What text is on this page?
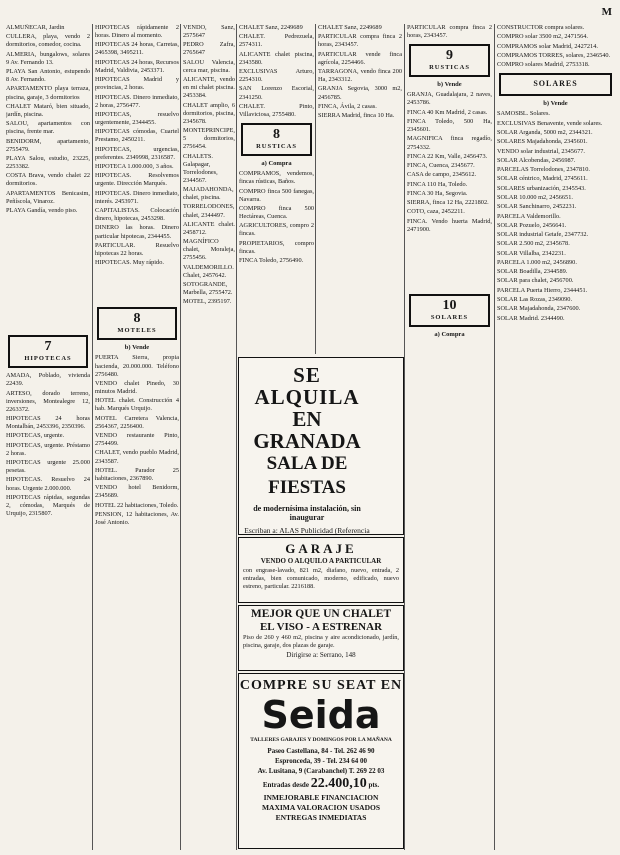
M

ALMUÑECAR, Jardin

CULLERA, playa, vendo 2 dormitorios, comedor, cocina.

ALMERIA, bungalows, solares 9 Av. Fernando 13.

PLAYA San Antonio, estupendo 8 Av. Fernando.

APARTAMENTO playa terraza, piscina, garaje, 3 dormitorios

CHALET Mataró, bien situado, jardín, piscina.

SALOU, apartamentos con piscina, frente mar.

BENIDORM, apartamento, 2755479.

PLAYA Salou, estudio, 23225, 2253382.

COSTA Brava, vendo chalet 22 dormitorios.

APARTAMENTOS Benicasim, Peñíscola, Vinaroz.

PLAYA Gandía, vendo piso.

7
HIPOTECAS

AMADA, Poblado, vivienda 22439.

ARTESO, dorado terreno, inversiones, Montealegre 12, 2263372.

HIPOTECAS 24 horas Montalbán, 2453396, 2350396.

HIPOTECAS, urgente.

HIPOTECAS, urgente. Préstamo 2 horas.

HIPOTECAS urgente 25.000 pesetas.

HIPOTECAS. Resuelvo 24 horas. Urgente 2.000.000.

HIPOTECAS rápidas, segundas 2, cómodas, Marqués de Urquijo, 2315807.

HIPOTECAS rápidamente 2 horas. Dinero al momento.

HIPOTECAS 24 horas, Carretas, 2465398, 3495211.

HIPOTECAS 24 horas, Recursos Madrid, Valdivia, 2453371.

HIPOTECAS Madrid y provincias, 2 horas.

HIPOTECAS. Dinero inmediato, 2 horas, 2756477.

HIPOTECAS, resuelvo urgentemente, 2344455.

HIPOTECAS cómodas, Cuartel Prestamo, 2450211.

HIPOTECAS, urgencias, preferentes. 2349998, 2316587.

HIPOTECA 1.000.000, 3 años.

HIPOTECAS. Resolvemos urgente. Dirección Marqués.

HIPOTECAS. Dinero inmediato, interés. 2453971.

CAPITALISTAS. Colocación dinero, hipotecas, 2453298.

DINERO las horas. Dinero particular hipotecas, 2344455.

PARTICULAR. Resuelvo hipotecas 22 horas.

HIPOTECAS. Muy rápido.

8
MOTELES
b) Vende

PUERTA Sierra, propia hacienda, 20.000.000. Teléfono 2756480.

VENDO chalet Pinedo, 30 minutos Madrid.

HOTEL chalet. Construcción 4 hab. Marqués Urquijo.

MOTEL Carretera Valencia, 2564367, 2256400.

VENDO restaurante Pinto, 2754499.

CHALET, vendo pueblo Madrid, 2343587.

HOTEL. Parador 25 habitaciones, 2367890.

VENDO hotel Benidorm, 2345689.

HOTEL 22 habitaciones, Toledo.

PENSION, 12 habitaciones, Av. José Antonio.

VENDO, Sanz, 2575647

PEDRO Zafra, 2765647

SALOU Valencia, cerca mar, piscina.

ALICANTE, vendo en mi chalet piscina. 2453384.

CHALET amplio, 6 dormitorios, piscina, 2345678.

MONTEPRINCIPE, 5 dormitorios, 2756454.

CHALETS. Galapagar, Torrelodones, 2344567.

MAJADAHONDA, chalet, piscina.

TORRELODONES, chalet, 2344497.

ALICANTE chalet. 2458712.

MAGNÍFICO chalet, Moraleja, 2755456.

VALDEMORILLO. Chalet, 2457642.

SOTOGRANDE, Marbella, 2755472.

MOTEL, 2395197.

CHALET Sanz, 2249689

CHALET. Pedrezuela, 2574311.

ALICANTE chalet piscina, 2343580.

EXCLUSIVAS Arturo, 2254310.

SAN Lorenzo Escorial, 2341250.

CHALET. Pinto, Villaviciosa, 2755480.

8
RUSTICAS
a) Compra

COMPRAMOS, vendemos, fincas rústicas, Baños.

COMPRO finca 500 fanegas, Navarra.

COMPRO finca 500 Hectáreas, Cuenca.

AGRICULTORES, compro 2 fincas.

PROPIETARIOS, compro fincas.

FINCA Toledo, 2756490.

CHALET Sanz, 2249689

PARTICULAR compra finca 2 horas, 2343457.

PARTICULAR vende finca agrícola, 2254466.

TARRAGONA, vendo finca 200 Ha, 2343312.

GRANJA Segovia, 3000 m2, 2456785.

FINCA, Ávila, 2 casas.

SIERRA Madrid, finca 10 Ha.

PARTICULAR compra finca 2 horas, 2343457.

9
RUSTICAS
b) Vende

GRANJA, Guadalajara, 2 naves, 2453786.

FINCA 40 Km Madrid, 2 casas.

FINCA Toledo, 500 Ha, 2345601.

MAGNIFICA finca regadío, 2754332.

FINCA 22 Km, Valle, 2456473.

FINCA, Cuenca, 2345677.

CASA de campo, 2345612.

FINCA 110 Ha, Toledo.

FINCA 30 Ha, Segovia.

SIERRA, finca 12 Ha, 2221802.

COTO, caza, 2452211.

FINCA. Vendo huerta Madrid, 2471900.

10
SOLARES
a) Compra

CONSTRUCTOR compra solares.

COMPRO solar 3500 m2, 2471564.

COMPRAMOS solar Madrid, 2427214.

COMPRAMOS TORRES, solares, 2346540.

COMPRO solares Madrid, 2753318.

SOLARES
b) Vende

SAMOSBL. Solares.

EXCLUSIVAS Benavente, vende solares.

SOLAR Arganda, 5000 m2, 2344321.

SOLARES Majadahonda, 2345601.

VENDO solar industrial, 2345677.

SOLAR Alcobendas, 2456987.

PARCELAS Torrelodones, 2347810.

SOLAR céntrico, Madrid, 2745611.

SOLARES urbanización, 2345543.

SOLAR 10.000 m2, 2456651.

SOLAR Sanchinarro, 2452231.

PARCELA Valdemorillo.

SOLAR Pozuelo, 2456641.

SOLAR industrial Getafe, 2347732.

SOLAR 2.500 m2, 2345678.

SOLAR Villalba, 2342231.

PARCELA 1.000 m2, 2456890.

SOLAR Boadilla, 2344589.

SOLAR para chalet, 2456700.

PARCELA Puerta Hierro, 2344451.

SOLAR Las Rozas, 2349090.

SOLAR Majadahonda, 2347600.

SOLAR Madrid. 2344490.

SE ALQUILA
EN GRANADA
SALA DE FIESTAS
de modernísima instalación, sin inaugurar
Escriban a: ALAS Publicidad (Referencia
GARAJE
VENDO O ALQUILO A PARTICULAR
con engrase-lavado, 821 m2, diafano, nuevo, entrada, 2 entradas, bien comunicado, moderno, edificado, nuevo estreno, particular. 2216188.
MEJOR QUE UN CHALET
EL VISO - A ESTRENAR
Piso de 260 y 460 m2, piscina y aire acondicionado, jardín, piscina, garaje, dos plazas de garaje.
Dirigirse a: Serrano, 148
COMPRE SU SEAT EN
Seida
TALLERES GARAJES Y DOMINGOS POR LA MAÑANA
Paseo Castellana, 84 - Tel. 262 46 90
Espronceda, 39 - Tel. 234 64 00
Av. Lusitana, 9 (Carabanchel) T. 269 22 03
Entradas desde 22.400,10 pts.
INMEJORABLE FINANCIACION
MAXIMA VALORACION USADOS
ENTREGAS INMEDIATAS
